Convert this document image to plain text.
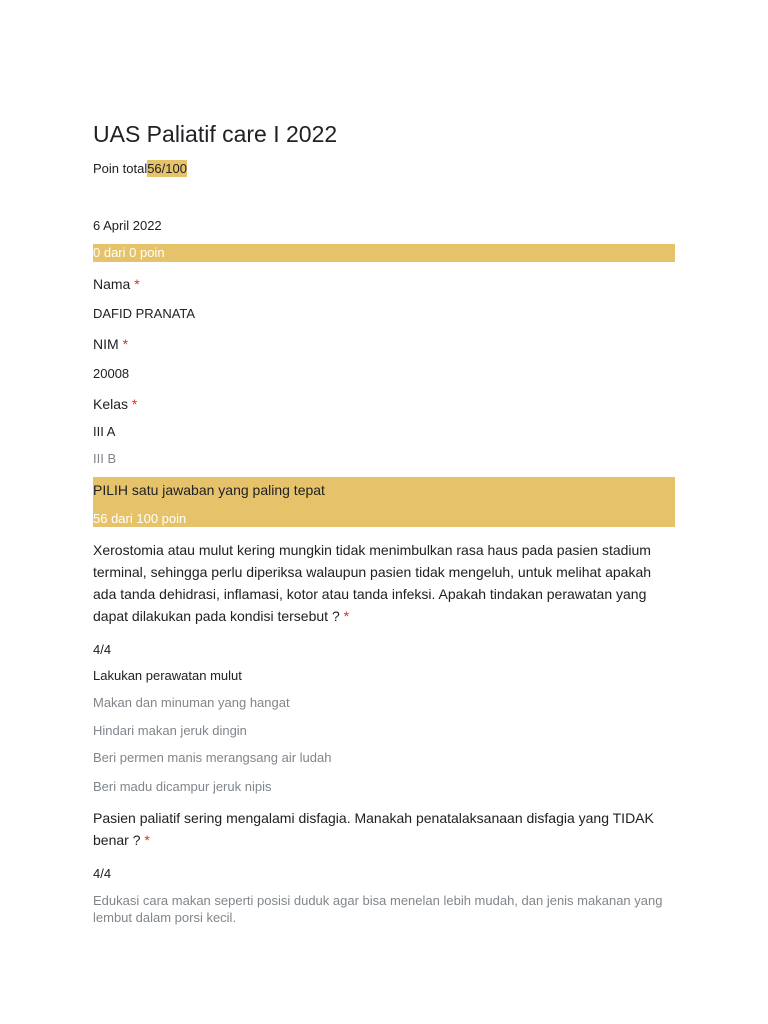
UAS Paliatif care I 2022
Poin total56/100
6 April 2022
0 dari 0 poin
Nama *
DAFID PRANATA
NIM *
20008
Kelas *
III A
III B
PILIH satu jawaban yang paling tepat
56 dari 100 poin
Xerostomia atau mulut kering mungkin tidak menimbulkan rasa haus pada pasien stadium terminal, sehingga perlu diperiksa walaupun pasien tidak mengeluh, untuk melihat apakah ada tanda dehidrasi, inflamasi, kotor atau tanda infeksi. Apakah tindakan perawatan yang dapat dilakukan pada kondisi tersebut ? *
4/4
Lakukan perawatan mulut
Makan dan minuman yang hangat
Hindari makan jeruk dingin
Beri permen manis merangsang air ludah
Beri madu dicampur jeruk nipis
Pasien paliatif sering mengalami disfagia. Manakah penatalaksanaan disfagia yang TIDAK benar ? *
4/4
Edukasi cara makan seperti posisi duduk agar bisa menelan lebih mudah, dan jenis makanan yang lembut dalam porsi kecil.
